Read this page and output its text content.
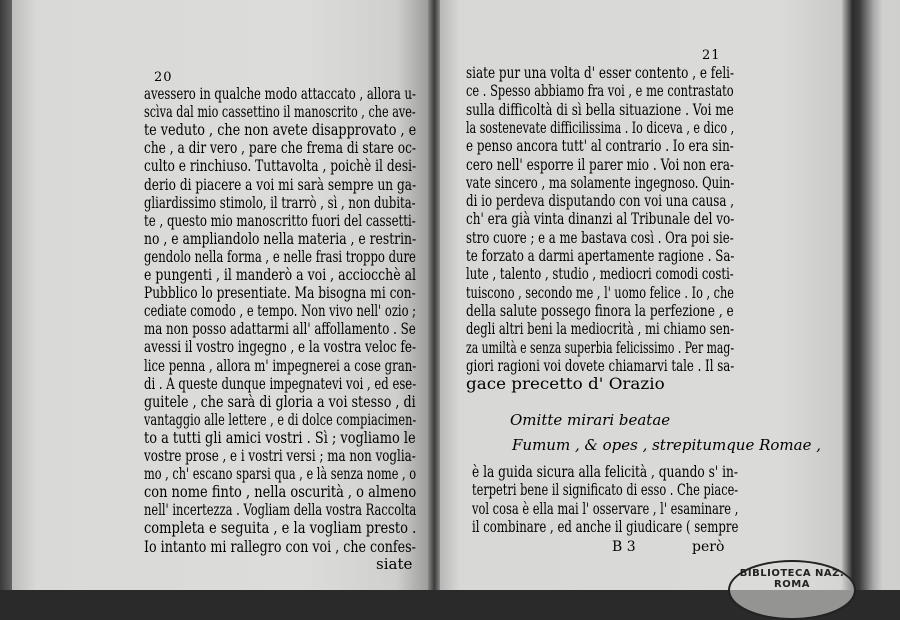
20
avessero in qualche modo attaccato , allora u-
scìva dal mio cassettino il manoscrito , che ave-
te veduto , che non avete disapprovato , e
che , a dir vero , pare che frema di stare oc-
culto e rinchiuso. Tuttavolta , poichè il desi-
derio di piacere a voi mi sarà sempre un ga-
gliardissimo stimolo, il trarrò , sì , non dubita-
te , questo mio manoscritto fuori del cassetti-
no , e ampliandolo nella materia , e restrin-
gendolo nella forma , e nelle frasi troppo dure
e pungenti , il manderò a voi , acciocchè al
Pubblico lo presentiate. Ma bisogna mi con-
cediate comodo , e tempo. Non vivo nell' ozio ;
ma non posso adattarmi all' affollamento . Se
avessi il vostro ingegno , e la vostra veloc fe-
lice penna , allora m' impegnerei a cose gran-
di . A queste dunque impegnatevi voi , ed ese-
guitele , che sarà di gloria a voi stesso , di
vantaggio alle lettere , e di dolce compiacimen-
to a tutti gli amici vostri . Sì ; vogliamo le
vostre prose , e i vostri versi ; ma non voglia-
mo , ch' escano sparsi qua , e là senza nome , o
con nome finto , nella oscurità , o almeno
nell' incertezza . Vogliam della vostra Raccolta
completa e seguita , e la vogliam presto .
Io intanto mi rallegro con voi , che confes-
siate
21
siate pur una volta d' esser contento , e feli-
ce . Spesso abbiamo fra voi , e me contrastato
sulla difficoltà di sì bella situazione . Voi me
la sostenevate difficilissima . Io diceva , e dico ,
e penso ancora tutt' al contrario . Io era sin-
cero nell' esporre il parer mio . Voi non era-
vate sincero , ma solamente ingegnoso. Quin-
di io perdeva disputando con voi una causa ,
ch' era già vinta dinanzi al Tribunale del vo-
stro cuore ; e a me bastava così . Ora poi sie-
te forzato a darmi apertamente ragione . Sa-
lute , talento , studio , mediocri comodi costi-
tuiscono , secondo me , l' uomo felice . Io , che
della salute possego finora la perfezione , e
degli altri beni la mediocrità , mi chiamo sen-
za umiltà e senza superbia felicissimo . Per mag-
giori ragioni voi dovete chiamarvi tale . Il sa-
gace precetto d' Orazio
Omitte mirari beatae
Fumum , & opes , strepitumque Romae ,
è la guida sicura alla felicità , quando s' in-
terpetri bene il significato di esso . Che piace-
vol cosa è ella mai l' osservare , l' esaminare ,
il combinare , ed anche il giudicare ( sempre
B 3	però
BIBLIOTECA NAZ. ROMA
